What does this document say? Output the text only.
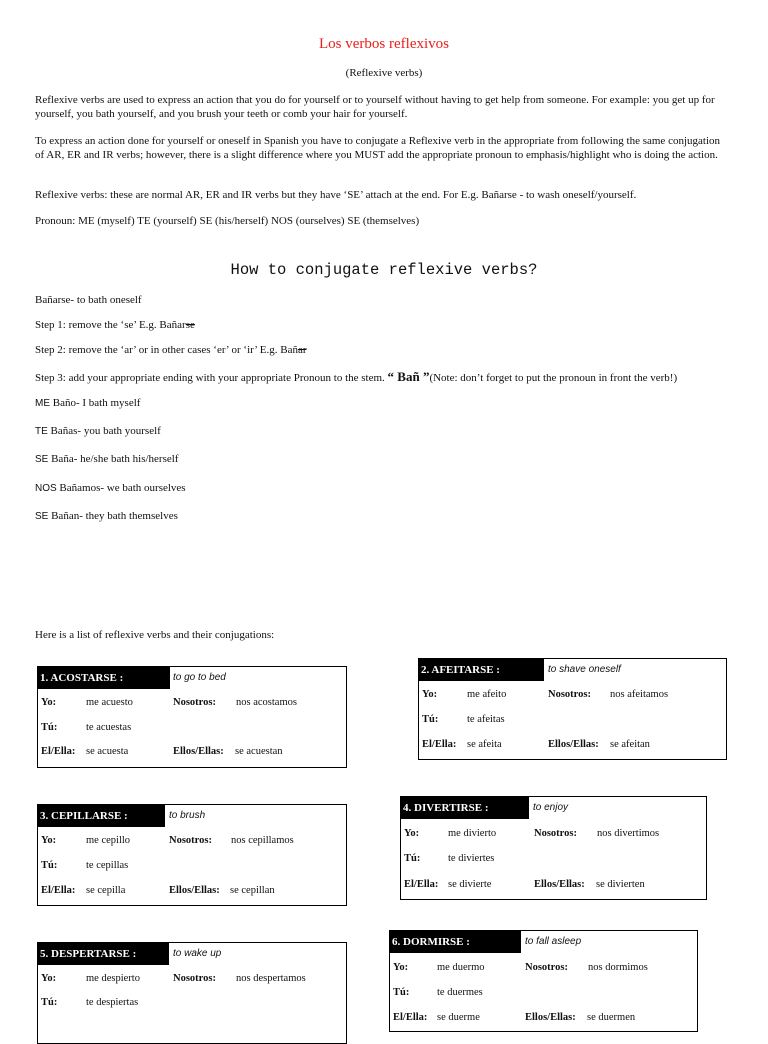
Los verbos reflexivos
(Reflexive verbs)
Reflexive verbs are used to express an action that you do for yourself or to yourself without having to get help from someone. For example: you get up for yourself, you bath yourself, and you brush your teeth or comb your hair for yourself.
To express an action done for yourself or oneself in Spanish you have to conjugate a Reflexive verb in the appropriate from following the same conjugation of AR, ER and IR verbs; however, there is a slight difference where you MUST add the appropriate pronoun to emphasis/highlight who is doing the action.
Reflexive verbs: these are normal AR, ER and IR verbs but they have ‘SE’ attach at the end. For E.g. Bañarse - to wash oneself/yourself.
Pronoun: ME (myself) TE (yourself) SE (his/herself) NOS (ourselves) SE (themselves)
How to conjugate reflexive verbs?
Bañarse- to bath oneself
Step 1: remove the ‘se’ E.g. Bañarse
Step 2: remove the ‘ar’ or in other cases ‘er’ or ‘ir’ E.g. Bañar
Step 3: add your appropriate ending with your appropriate Pronoun to the stem. “ Bañ ”(Note: don’t forget to put the pronoun in front the verb!)
ME Baño- I bath myself
TE Bañas- you bath yourself
SE Baña- he/she bath his/herself
NOS Bañamos- we bath ourselves
SE Bañan- they bath themselves
Here is a list of reflexive verbs and their conjugations:
1. ACOSTARSE :	to go to bed
Yo:	me acuesto	Nosotros: nos acostamos
Tú:	te acuestas
El/Ella: se acuesta	Ellos/Ellas: se acuestan
2. AFEITARSE :	to shave oneself
Yo:	me afeito	Nosotros: nos afeitamos
Tú:	te afeitas
El/Ella: se afeita	Ellos/Ellas: se afeitan
3. CEPILLARSE :	to brush
Yo:	me cepillo	Nosotros: nos cepillamos
Tú:	te cepillas
El/Ella: se cepilla	Ellos/Ellas: se cepillan
4. DIVERTIRSE :	to enjoy
Yo:	me divierto	Nosotros: nos divertimos
Tú:	te diviertes
El/Ella: se divierte	Ellos/Ellas: se divierten
5. DESPERTARSE :	to wake up
Yo:	me despierto	Nosotros: nos despertamos
Tú:	te despiertas
6. DORMIRSE :	to fall asleep
Yo:	me duermo	Nosotros: nos dormimos
Tú:	te duermes
El/Ella: se duerme	Ellos/Ellas: se duermen
